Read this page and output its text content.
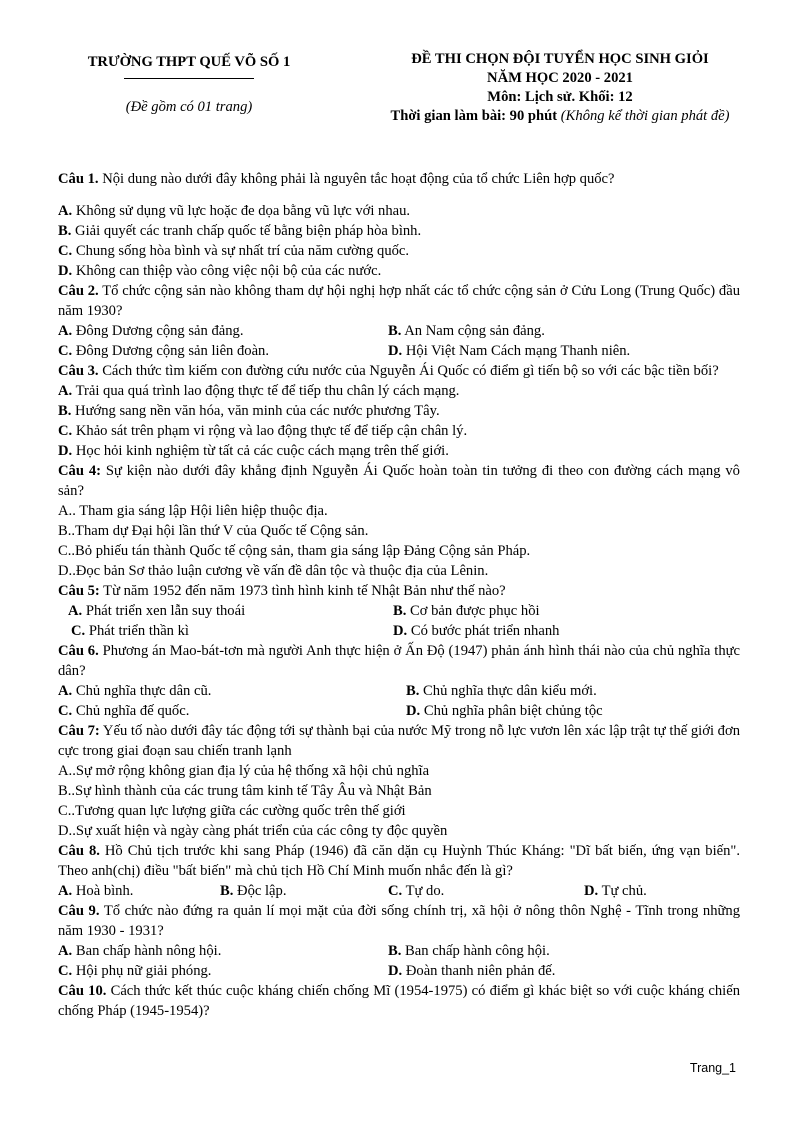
TRƯỜNG THPT QUẾ VÕ SỐ 1
(Đề gồm có 01 trang)
ĐỀ THI CHỌN ĐỘI TUYỂN HỌC SINH GIỎI
NĂM HỌC 2020 - 2021
Môn: Lịch sử. Khối: 12
Thời gian làm bài: 90 phút (Không kể thời gian phát đề)
Câu 1. Nội dung nào dưới đây không phải là nguyên tắc hoạt động của tổ chức Liên hợp quốc?
A. Không sử dụng vũ lực hoặc đe dọa bằng vũ lực với nhau.
B. Giải quyết các tranh chấp quốc tế bằng biện pháp hòa bình.
C. Chung sống hòa bình và sự nhất trí của năm cường quốc.
D. Không can thiệp vào công việc nội bộ của các nước.
Câu 2. Tổ chức cộng sản nào không tham dự hội nghị hợp nhất các tổ chức cộng sản ở Cửu Long (Trung Quốc) đầu năm 1930?
A. Đông Dương cộng sản đảng.	B. An Nam cộng sản đảng.
C. Đông Dương cộng sản liên đoàn.	D. Hội Việt Nam Cách mạng Thanh niên.
Câu 3. Cách thức tìm kiếm con đường cứu nước của Nguyễn Ái Quốc có điểm gì tiến bộ so với các bậc tiền bối?
A. Trải qua quá trình lao động thực tế để tiếp thu chân lý cách mạng.
B. Hướng sang nền văn hóa, văn minh của các nước phương Tây.
C. Khảo sát trên phạm vi rộng và lao động thực tế để tiếp cận chân lý.
D. Học hỏi kinh nghiệm từ tất cả các cuộc cách mạng trên thế giới.
Câu 4: Sự kiện nào dưới đây khẳng định Nguyễn Ái Quốc hoàn toàn tin tưởng đi theo con đường cách mạng vô sản?
A.. Tham gia sáng lập Hội liên hiệp thuộc địa.
B..Tham dự Đại hội lần thứ V của Quốc tế Cộng sản.
C..Bỏ phiếu tán thành Quốc tế cộng sản, tham gia sáng lập Đảng Cộng sản Pháp.
D..Đọc bản Sơ thảo luận cương về vấn đề dân tộc và thuộc địa của Lênin.
Câu 5: Từ năm 1952 đến năm 1973 tình hình kinh tế Nhật Bản như thế nào?
A. Phát triển xen lẫn suy thoái	B. Cơ bản được phục hồi
C. Phát triển thần kì	D. Có bước phát triển nhanh
Câu 6. Phương án Mao-bát-tơn mà người Anh thực hiện ở Ấn Độ (1947) phản ánh hình thái nào của chủ nghĩa thực dân?
A. Chủ nghĩa thực dân cũ.	B. Chủ nghĩa thực dân kiểu mới.
C. Chủ nghĩa đế quốc.	D. Chủ nghĩa phân biệt chủng tộc
Câu 7: Yếu tố nào dưới đây tác động tới sự thành bại của nước Mỹ trong nỗ lực vươn lên xác lập trật tự thế giới đơn cực trong giai đoạn sau chiến tranh lạnh
A..Sự mở rộng không gian địa lý của hệ thống xã hội chủ nghĩa
B..Sự hình thành của các trung tâm kinh tế Tây Âu và Nhật Bản
C..Tương quan lực lượng giữa các cường quốc trên thế giới
D..Sự xuất hiện và ngày càng phát triển của các công ty độc quyền
Câu 8. Hồ Chủ tịch trước khi sang Pháp (1946) đã căn dặn cụ Huỳnh Thúc Kháng: "Dĩ bất biến, ứng vạn biến". Theo anh(chị) điều "bất biến" mà chủ tịch Hồ Chí Minh muốn nhắc đến là gì?
A. Hoà bình.	B. Độc lập.	C. Tự do.	D. Tự chủ.
Câu 9. Tổ chức nào đứng ra quản lí mọi mặt của đời sống chính trị, xã hội ở nông thôn Nghệ - Tĩnh trong những năm 1930 - 1931?
A. Ban chấp hành nông hội.	B. Ban chấp hành công hội.
C. Hội phụ nữ giải phóng.	D. Đoàn thanh niên phản đế.
Câu 10. Cách thức kết thúc cuộc kháng chiến chống Mĩ (1954-1975) có điểm gì khác biệt so với cuộc kháng chiến chống Pháp (1945-1954)?
Trang_1
